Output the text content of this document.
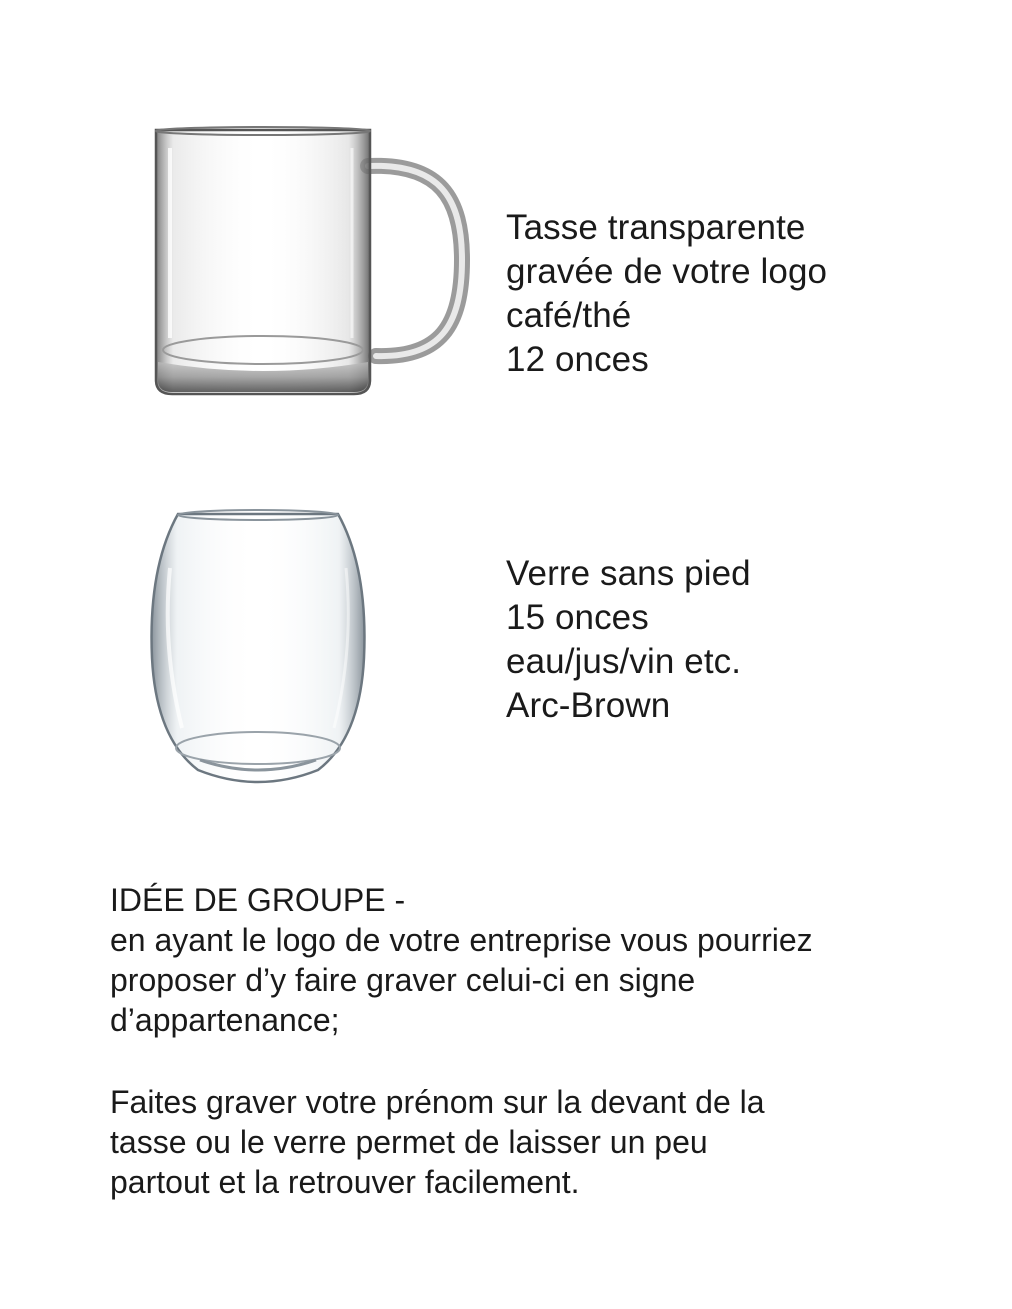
Tasse transparente
gravée de votre logo
café/thé
12 onces
Verre sans pied
15 onces
eau/jus/vin etc.
Arc-Brown
IDÉE DE GROUPE -
en ayant le logo de votre entreprise vous pourriez
proposer d’y faire graver celui-ci en signe
d’appartenance;
Faites graver votre prénom sur la devant de la
tasse ou le verre permet de laisser un peu
partout et la retrouver facilement.
